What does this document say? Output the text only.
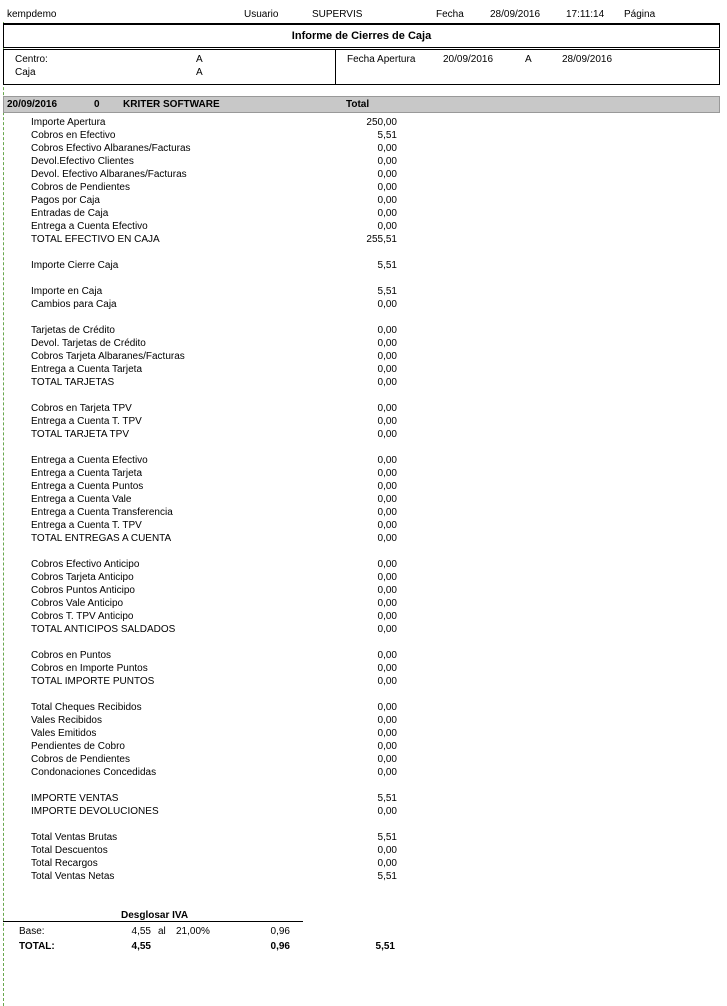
kempdemo	Usuario	SUPERVIS	Fecha	28/09/2016	17:11:14 Página
Informe de Cierres de Caja
Centro:	A
Caja	A
Fecha Apertura	20/09/2016	A	28/09/2016
20/09/2016	0 KRITER SOFTWARE	Total
Importe Apertura	250,00
Cobros en Efectivo	5,51
Cobros Efectivo Albaranes/Facturas	0,00
Devol.Efectivo Clientes	0,00
Devol. Efectivo Albaranes/Facturas	0,00
Cobros de Pendientes	0,00
Pagos por Caja	0,00
Entradas de Caja	0,00
Entrega a Cuenta Efectivo	0,00
TOTAL EFECTIVO EN CAJA	255,51
Importe Cierre Caja	5,51
Importe en Caja	5,51
Cambios para Caja	0,00
Tarjetas de Crédito	0,00
Devol. Tarjetas de Crédito	0,00
Cobros Tarjeta Albaranes/Facturas	0,00
Entrega a Cuenta Tarjeta	0,00
TOTAL TARJETAS	0,00
Cobros en Tarjeta TPV	0,00
Entrega a Cuenta T. TPV	0,00
TOTAL TARJETA TPV	0,00
Entrega a Cuenta Efectivo	0,00
Entrega a Cuenta Tarjeta	0,00
Entrega a Cuenta Puntos	0,00
Entrega a Cuenta Vale	0,00
Entrega a Cuenta Transferencia	0,00
Entrega a Cuenta T. TPV	0,00
TOTAL ENTREGAS A CUENTA	0,00
Cobros Efectivo Anticipo	0,00
Cobros Tarjeta Anticipo	0,00
Cobros Puntos Anticipo	0,00
Cobros Vale Anticipo	0,00
Cobros T. TPV Anticipo	0,00
TOTAL ANTICIPOS SALDADOS	0,00
Cobros en Puntos	0,00
Cobros en Importe Puntos	0,00
TOTAL IMPORTE PUNTOS	0,00
Total Cheques Recibidos	0,00
Vales Recibidos	0,00
Vales Emitidos	0,00
Pendientes de Cobro	0,00
Cobros de Pendientes	0,00
Condonaciones Concedidas	0,00
IMPORTE VENTAS	5,51
IMPORTE DEVOLUCIONES	0,00
Total Ventas Brutas	5,51
Total Descuentos	0,00
Total Recargos	0,00
Total Ventas Netas	5,51
Desglosar IVA
Base:	4,55 al 21,00%	0,96
TOTAL:	4,55	0,96	5,51
